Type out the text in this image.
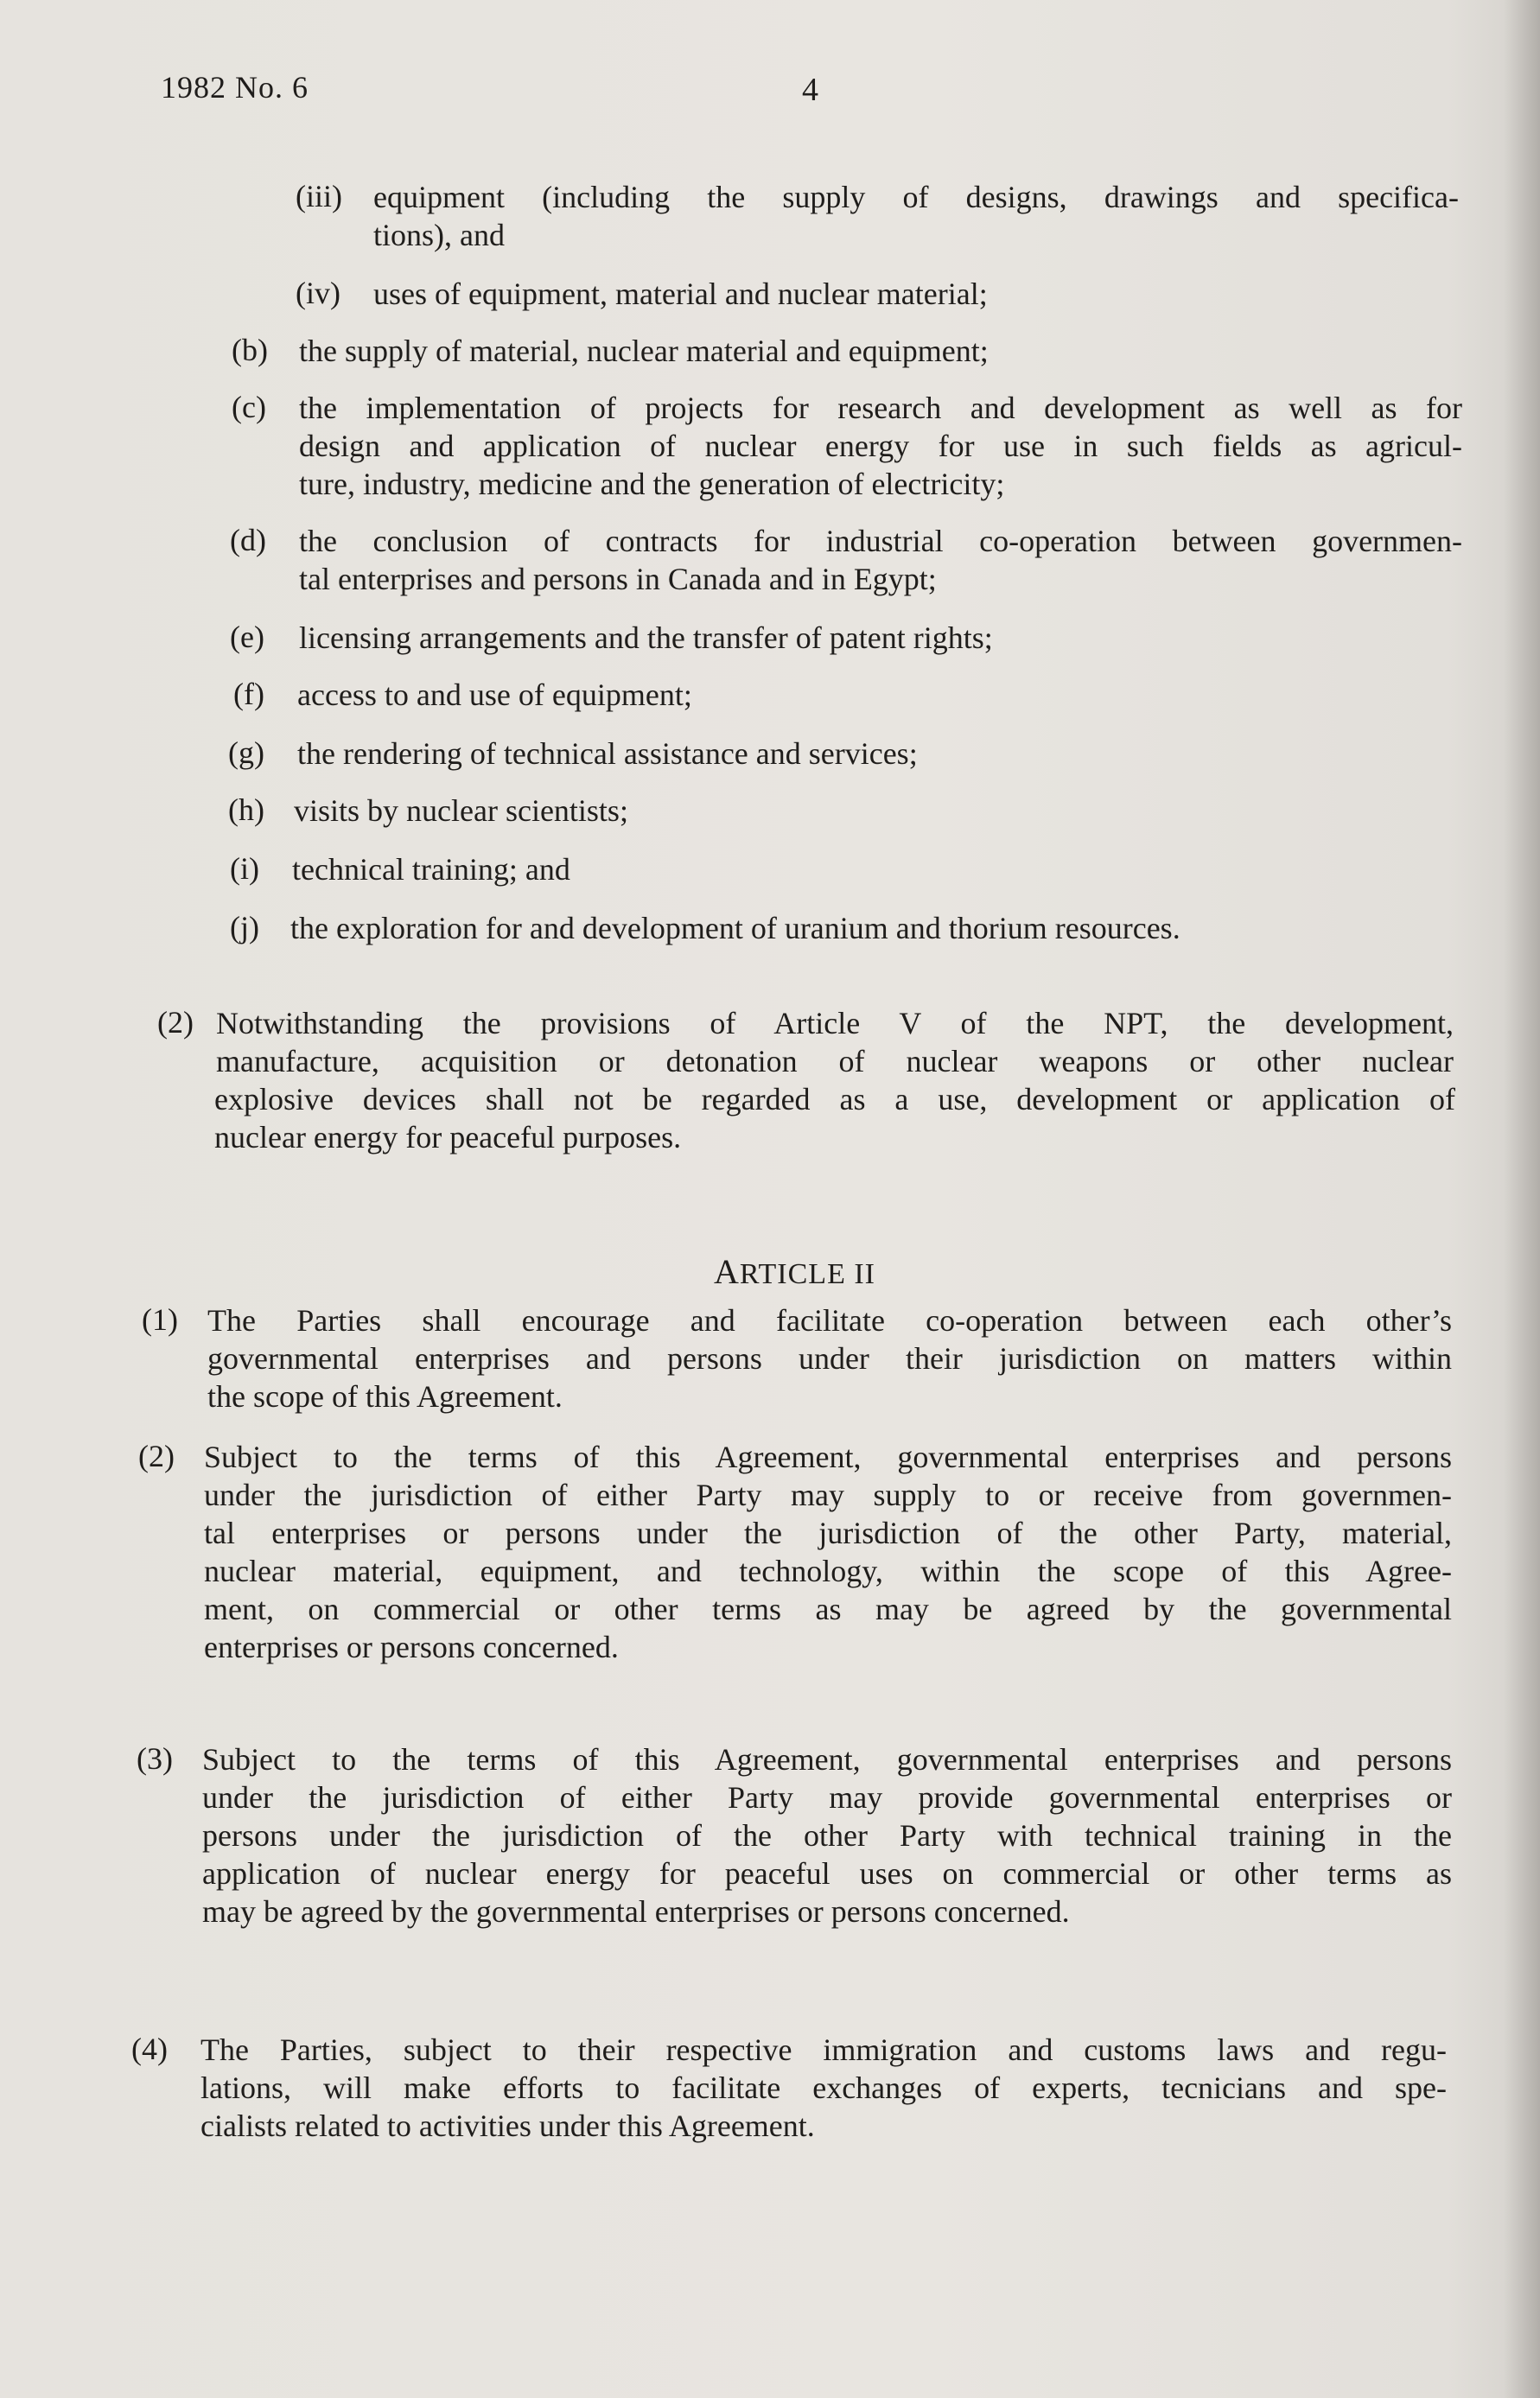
1982 No. 6	4
(iii) equipment (including the supply of designs, drawings and specifica-
tions), and
(iv) uses of equipment, material and nuclear material;
(b) the supply of material, nuclear material and equipment;
(c) the implementation of projects for research and development as well as for
design and application of nuclear energy for use in such fields as agricul-
ture, industry, medicine and the generation of electricity;
(d) the conclusion of contracts for industrial co-operation between governmen-
tal enterprises and persons in Canada and in Egypt;
(e) licensing arrangements and the transfer of patent rights;
(f) access to and use of equipment;
(g) the rendering of technical assistance and services;
(h) visits by nuclear scientists;
(i) technical training; and
(j) the exploration for and development of uranium and thorium resources.
(2) Notwithstanding the provisions of Article V of the NPT, the development,
manufacture, acquisition or detonation of nuclear weapons or other nuclear
explosive devices shall not be regarded as a use, development or application of
nuclear energy for peaceful purposes.
ARTICLE II
(1) The Parties shall encourage and facilitate co-operation between each other’s
governmental enterprises and persons under their jurisdiction on matters within
the scope of this Agreement.
(2) Subject to the terms of this Agreement, governmental enterprises and persons
under the jurisdiction of either Party may supply to or receive from governmen-
tal enterprises or persons under the jurisdiction of the other Party, material,
nuclear material, equipment, and technology, within the scope of this Agree-
ment, on commercial or other terms as may be agreed by the governmental
enterprises or persons concerned.
(3) Subject to the terms of this Agreement, governmental enterprises and persons
under the jurisdiction of either Party may provide governmental enterprises or
persons under the jurisdiction of the other Party with technical training in the
application of nuclear energy for peaceful uses on commercial or other terms as
may be agreed by the governmental enterprises or persons concerned.
(4) The Parties, subject to their respective immigration and customs laws and regu-
lations, will make efforts to facilitate exchanges of experts, tecnicians and spe-
cialists related to activities under this Agreement.
